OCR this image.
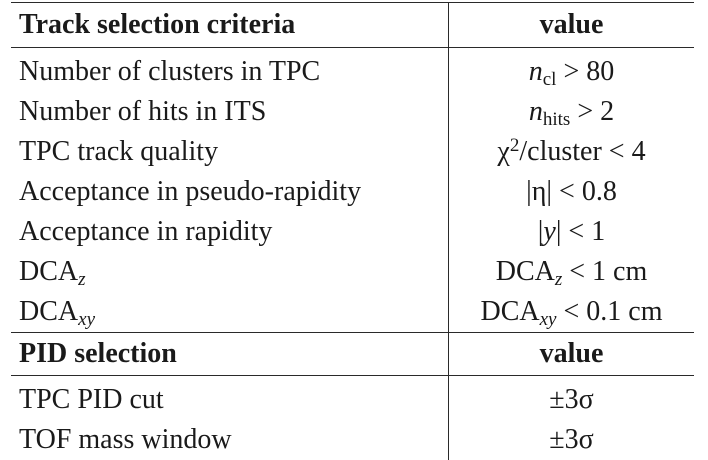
Track selection criteria	value
Number of clusters in TPC	ncl > 80
Number of hits in ITS	nhits > 2
TPC track quality	$\chi^2$/cluster < 4
Acceptance in pseudo-rapidity	|η| < 0.8
Acceptance in rapidity	|y| < 1
DCAz	DCAz < 1 cm
DCAxy	DCAxy < 0.1 cm
PID selection	value
TPC PID cut	±3σ
TOF mass window	±3σ
